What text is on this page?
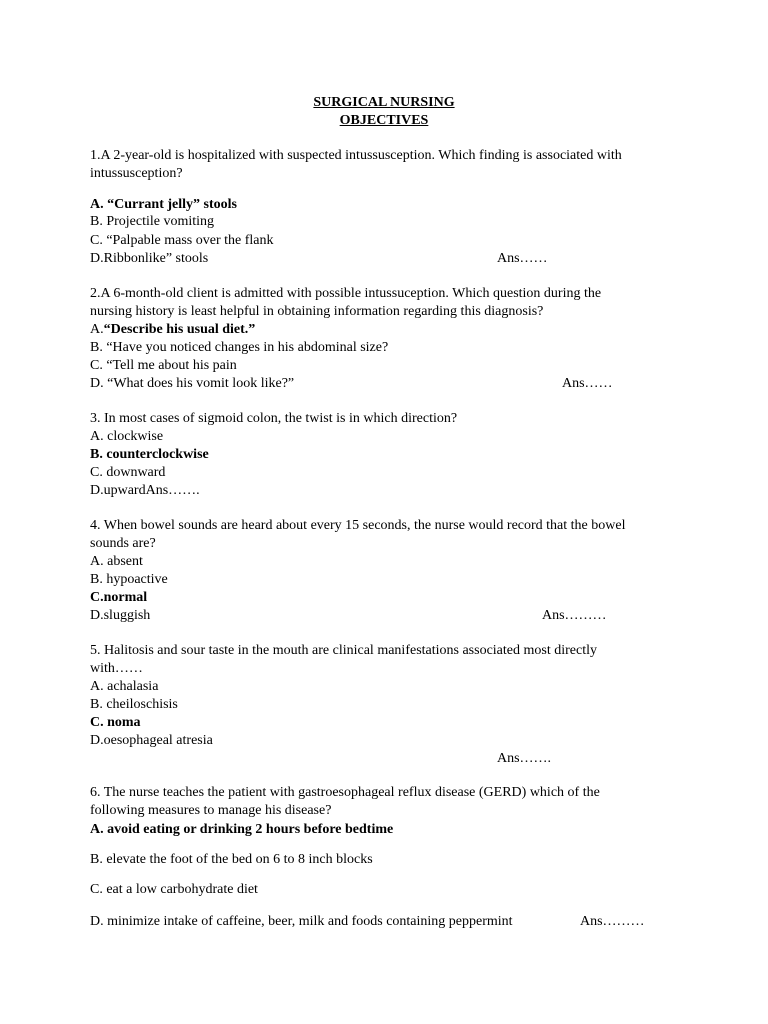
SURGICAL NURSING
OBJECTIVES
1.A 2-year-old is hospitalized with suspected intussusception. Which finding is associated with
intussusception?
A. “Currant jelly” stools
B. Projectile vomiting
C. “Palpable mass over the flank
D.Ribbonlike” stools	Ans……
2.A 6-month-old client is admitted with possible intussuception. Which question during the
nursing history is least helpful in obtaining information regarding this diagnosis?
A.“Describe his usual diet.”
B. “Have you noticed changes in his abdominal size?
C. “Tell me about his pain
D. “What does his vomit look like?”	Ans……
3. In most cases of sigmoid colon, the twist is in which direction?
A. clockwise
B. counterclockwise
C. downward
D.upwardAns…….
4. When bowel sounds are heard about every 15 seconds, the nurse would record that the bowel
sounds are?
A. absent
B. hypoactive
C.normal
D.sluggish	Ans………
5. Halitosis and sour taste in the mouth are clinical manifestations associated most directly
with……
A. achalasia
B. cheiloschisis
C. noma
D.oesophageal atresia
Ans…….
6. The nurse teaches the patient with gastroesophageal reflux disease (GERD) which of the
following measures to manage his disease?
A. avoid eating or drinking 2 hours before bedtime
B. elevate the foot of the bed on 6 to 8 inch blocks
C. eat a low carbohydrate diet
D. minimize intake of caffeine, beer, milk and foods containing peppermint	Ans………
